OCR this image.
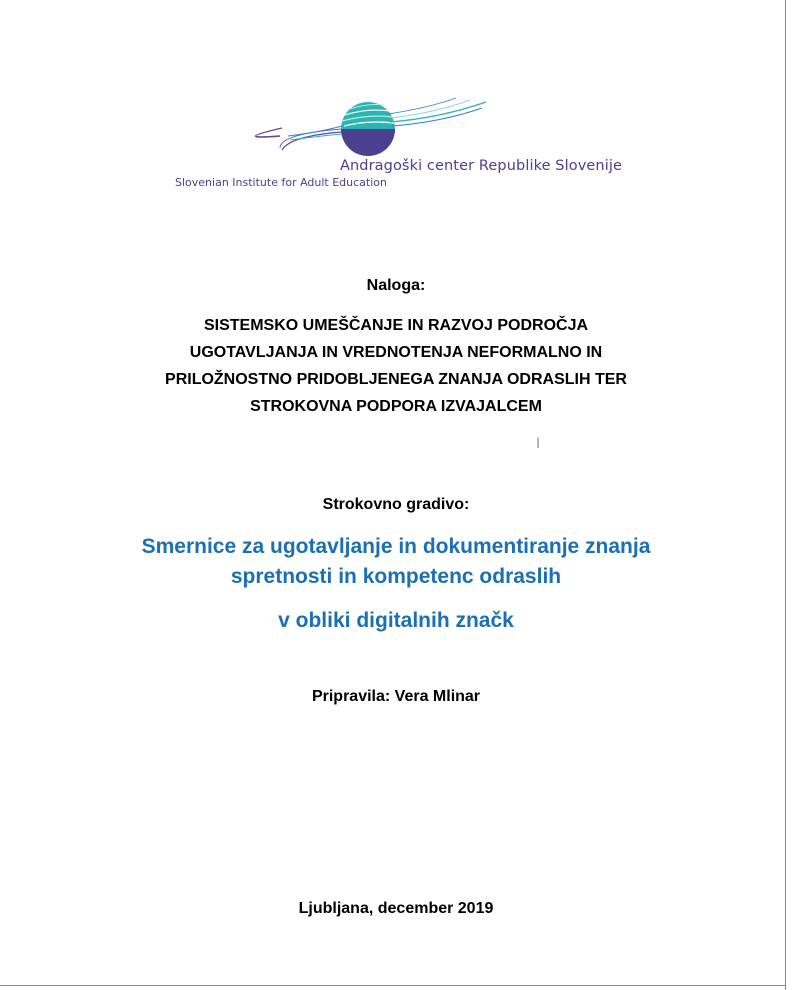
Andragoški center Republike Slovenije
Slovenian Institute for Adult Education
Naloga:
SISTEMSKO UMEŠČANJE IN RAZVOJ PODROČJA
UGOTAVLJANJA IN VREDNOTENJA NEFORMALNO IN
PRILOŽNOSTNO PRIDOBLJENEGA ZNANJA ODRASLIH TER
STROKOVNA PODPORA IZVAJALCEM
I
Strokovno gradivo:
Smernice za ugotavljanje in dokumentiranje znanja
spretnosti in kompetenc odraslih
v obliki digitalnih značk
Pripravila: Vera Mlinar
Ljubljana, december 2019
